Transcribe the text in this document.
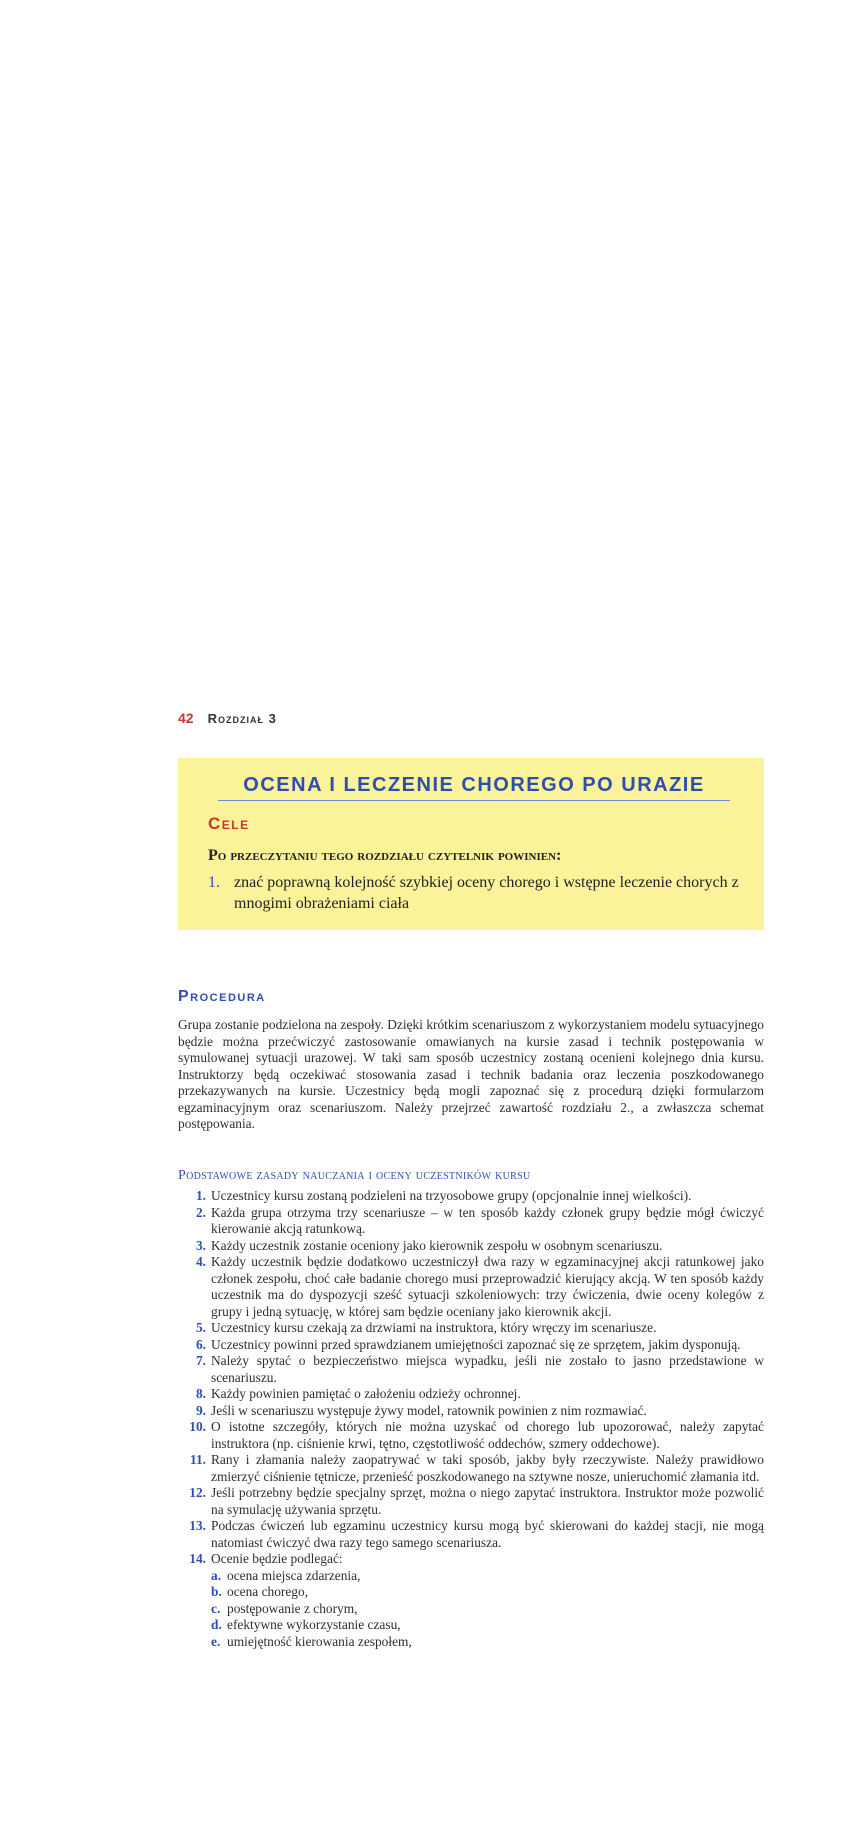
42 Rozdział 3
OCENA I LECZENIE CHOREGO PO URAZIE
Cele
Po przeczytaniu tego rozdziału czytelnik powinien:
1. znać poprawną kolejność szybkiej oceny chorego i wstępne leczenie chorych z mnogimi obrażeniami ciała
Procedura

Grupa zostanie podzielona na zespoły. Dzięki krótkim scenariuszom z wykorzystaniem modelu sytuacyjnego będzie można przećwiczyć zastosowanie omawianych na kursie zasad i technik postępowania w symulowanej sytuacji urazowej. W taki sam sposób uczestnicy zostaną ocenieni kolejnego dnia kursu. Instruktorzy będą oczekiwać stosowania zasad i technik badania oraz leczenia poszkodowanego przekazywanych na kursie. Uczestnicy będą mogli zapoznać się z procedurą dzięki formularzom egzaminacyjnym oraz scenariuszom. Należy przejrzeć zawartość rozdziału 2., a zwłaszcza schemat postępowania.

Podstawowe zasady nauczania i oceny uczestników kursu
1. Uczestnicy kursu zostaną podzieleni na trzyosobowe grupy (opcjonalnie innej wielkości).
2. Każda grupa otrzyma trzy scenariusze – w ten sposób każdy członek grupy będzie mógł ćwiczyć kierowanie akcją ratunkową.
3. Każdy uczestnik zostanie oceniony jako kierownik zespołu w osobnym scenariuszu.
4. Każdy uczestnik będzie dodatkowo uczestniczył dwa razy w egzaminacyjnej akcji ratunkowej jako członek zespołu, choć całe badanie chorego musi przeprowadzić kierujący akcją. W ten sposób każdy uczestnik ma do dyspozycji sześć sytuacji szkoleniowych: trzy ćwiczenia, dwie oceny kolegów z grupy i jedną sytuację, w której sam będzie oceniany jako kierownik akcji.
5. Uczestnicy kursu czekają za drzwiami na instruktora, który wręczy im scenariusze.
6. Uczestnicy powinni przed sprawdzianem umiejętności zapoznać się ze sprzętem, jakim dysponują.
7. Należy spytać o bezpieczeństwo miejsca wypadku, jeśli nie zostało to jasno przedstawione w scenariuszu.
8. Każdy powinien pamiętać o założeniu odzieży ochronnej.
9. Jeśli w scenariuszu występuje żywy model, ratownik powinien z nim rozmawiać.
10. O istotne szczegóły, których nie można uzyskać od chorego lub upozorować, należy zapytać instruktora (np. ciśnienie krwi, tętno, częstotliwość oddechów, szmery oddechowe).
11. Rany i złamania należy zaopatrywać w taki sposób, jakby były rzeczywiste. Należy prawidłowo zmierzyć ciśnienie tętnicze, przenieść poszkodowanego na sztywne nosze, unieruchomić złamania itd.
12. Jeśli potrzebny będzie specjalny sprzęt, można o niego zapytać instruktora. Instruktor może pozwolić na symulację używania sprzętu.
13. Podczas ćwiczeń lub egzaminu uczestnicy kursu mogą być skierowani do każdej stacji, nie mogą natomiast ćwiczyć dwa razy tego samego scenariusza.
14. Ocenie będzie podlegać:
a. ocena miejsca zdarzenia,
b. ocena chorego,
c. postępowanie z chorym,
d. efektywne wykorzystanie czasu,
e. umiejętność kierowania zespołem,
